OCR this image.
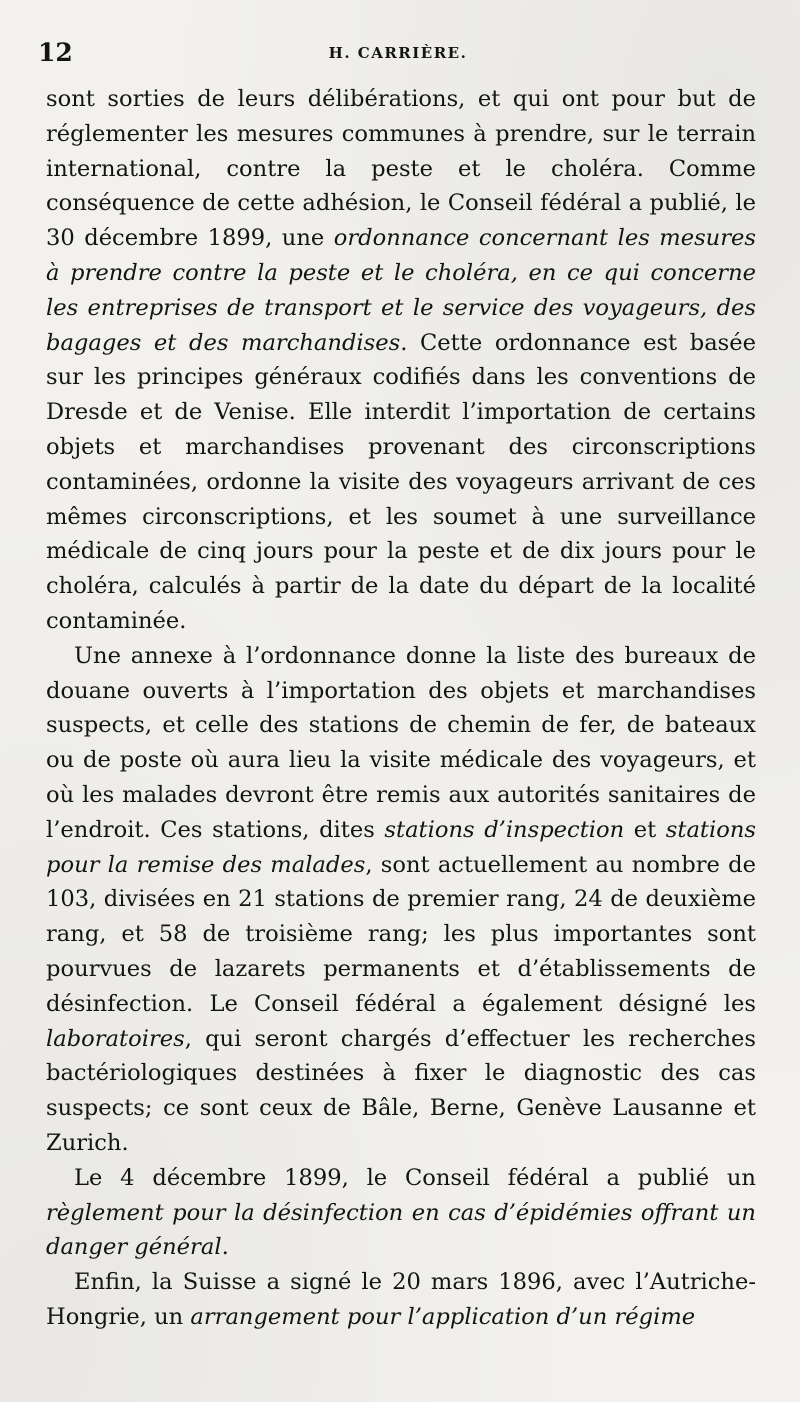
12	H. CARRIÈRE.

sont sorties de leurs délibérations, et qui ont pour but de réglementer les mesures communes à prendre, sur le terrain international, contre la peste et le choléra. Comme conséquence de cette adhésion, le Conseil fédéral a publié, le 30 décembre 1899, une ordonnance concernant les mesures à prendre contre la peste et le choléra, en ce qui concerne les entreprises de transport et le service des voyageurs, des bagages et des marchandises. Cette ordonnance est basée sur les principes généraux codifiés dans les conventions de Dresde et de Venise. Elle interdit l’importation de certains objets et marchandises provenant des circonscriptions contaminées, ordonne la visite des voyageurs arrivant de ces mêmes circonscriptions, et les soumet à une surveillance médicale de cinq jours pour la peste et de dix jours pour le choléra, calculés à partir de la date du départ de la localité contaminée.

Une annexe à l’ordonnance donne la liste des bureaux de douane ouverts à l’importation des objets et marchandises suspects, et celle des stations de chemin de fer, de bateaux ou de poste où aura lieu la visite médicale des voyageurs, et où les malades devront être remis aux autorités sanitaires de l’endroit. Ces stations, dites stations d’inspection et stations pour la remise des malades, sont actuellement au nombre de 103, divisées en 21 stations de premier rang, 24 de deuxième rang, et 58 de troisième rang; les plus importantes sont pourvues de lazarets permanents et d’établissements de désinfection. Le Conseil fédéral a également désigné les laboratoires, qui seront chargés d’effectuer les recherches bactériologiques destinées à fixer le diagnostic des cas suspects; ce sont ceux de Bâle, Berne, Genève Lausanne et Zurich.

Le 4 décembre 1899, le Conseil fédéral a publié un règlement pour la désinfection en cas d’épidémies offrant un danger général.

Enfin, la Suisse a signé le 20 mars 1896, avec l’Autriche-Hongrie, un arrangement pour l’application d’un régime
